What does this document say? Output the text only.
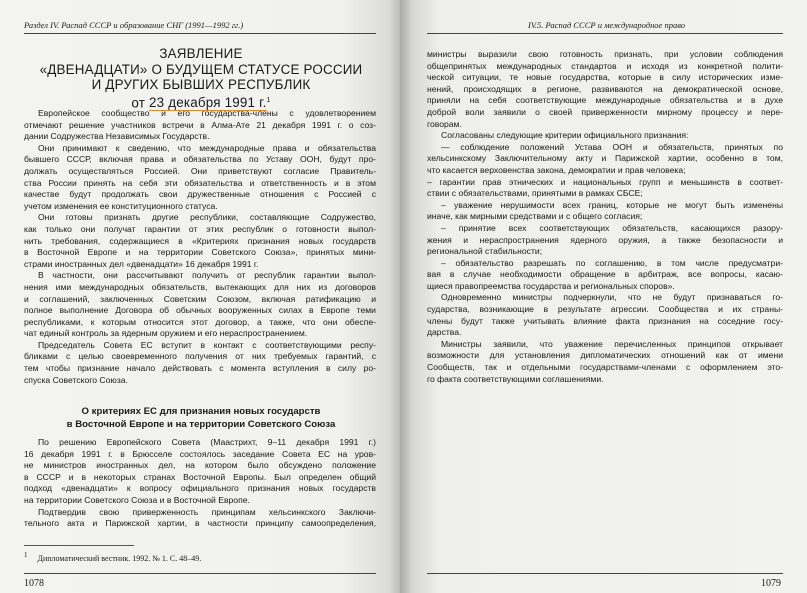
Раздел IV. Распад СССР и образование СНГ (1991—1992 гг.)
ЗАЯВЛЕНИЕ
«ДВЕНАДЦАТИ» О БУДУЩЕМ СТАТУСЕ РОССИИ
И ДРУГИХ БЫВШИХ РЕСПУБЛИК
от 23 декабря 1991 г.$^1$
Европейское сообщество и его государства-члены с удовлетворением
отмечают решение участников встречи в Алма-Ате 21 декабря 1991 г. о соз-
дании Содружества Независимых Государств.
Они принимают к сведению, что международные права и обязательства
бывшего СССР, включая права и обязательства по Уставу ООН, будут про-
должать осуществляться Россией. Они приветствуют согласие Правитель-
ства России принять на себя эти обязательства и ответственность и в этом
качестве будут продолжать свои дружественные отношения с Россией с
учетом изменения ее конституционного статуса.
Они готовы признать другие республики, составляющие Содружество,
как только они получат гарантии от этих республик о готовности выпол-
нить требования, содержащиеся в «Критериях признания новых государств
в Восточной Европе и на территории Советского Союза», принятых мини-
страми иностранных дел «двенадцати» 16 декабря 1991 г.
В частности, они рассчитывают получить от республик гарантии выпол-
нения ими международных обязательств, вытекающих для них из договоров
и соглашений, заключенных Советским Союзом, включая ратификацию и
полное выполнение Договора об обычных вооруженных силах в Европе теми
республиками, к которым относится этот договор, а также, что они обеспе-
чат единый контроль за ядерным оружием и его нераспространением.
Председатель Совета ЕС вступит в контакт с соответствующими респу-
бликами с целью своевременного получения от них требуемых гарантий, с
тем чтобы признание начало действовать с момента вступления в силу ро-
спуска Советского Союза.
О критериях ЕС для признания новых государств
в Восточной Европе и на территории Советского Союза
По решению Европейского Совета (Маастрихт, 9–11 декабря 1991 г.)
16 декабря 1991 г. в Брюсселе состоялось заседание Совета ЕС на уров-
не министров иностранных дел, на котором было обсуждено положение
в СССР и в некоторых странах Восточной Европы. Был определен общий
подход «двенадцати» к вопросу официального признания новых государств
на территории Советского Союза и в Восточной Европе.
Подтвердив свою приверженность принципам хельсинкского Заключи-
тельного акта и Парижской хартии, в частности принципу самоопределения,
1 Дипломатический вестник. 1992. № 1. С. 48–49.
1078
IV.5. Распад СССР и международное право
1079
министры выразили свою готовность признать, при условии соблюдения
общепринятых международных стандартов и исходя из конкретной полити-
ческой ситуации, те новые государства, которые в силу исторических изме-
нений, происходящих в регионе, развиваются на демократической основе,
приняли на себя соответствующие международные обязательства и в духе
доброй воли заявили о своей приверженности мирному процессу и пере-
говорам.
Согласованы следующие критерии официального признания:
— соблюдение положений Устава ООН и обязательств, принятых по
хельсинкскому Заключительному акту и Парижской хартии, особенно в том,
что касается верховенства закона, демократии и прав человека;
– гарантии прав этнических и национальных групп и меньшинств в соответ-
ствии с обязательствами, принятыми в рамках СБСЕ;
– уважение нерушимости всех границ, которые не могут быть изменены
иначе, как мирными средствами и с общего согласия;
– принятие всех соответствующих обязательств, касающихся разору-
жения и нераспространения ядерного оружия, а также безопасности и
региональной стабильности;
– обязательство разрешать по соглашению, в том числе предусматри-
вая в случае необходимости обращение в арбитраж, все вопросы, касаю-
щиеся правопреемства государства и региональных споров».
Одновременно министры подчеркнули, что не будут признаваться го-
сударства, возникающие в результате агрессии. Сообщества и их страны-
члены будут также учитывать влияние факта признания на соседние госу-
дарства.
Министры заявили, что уважение перечисленных принципов открывает
возможности для установления дипломатических отношений как от имени
Сообществ, так и отдельными государствами-членами с оформлением это-
го факта соответствующими соглашениями.
